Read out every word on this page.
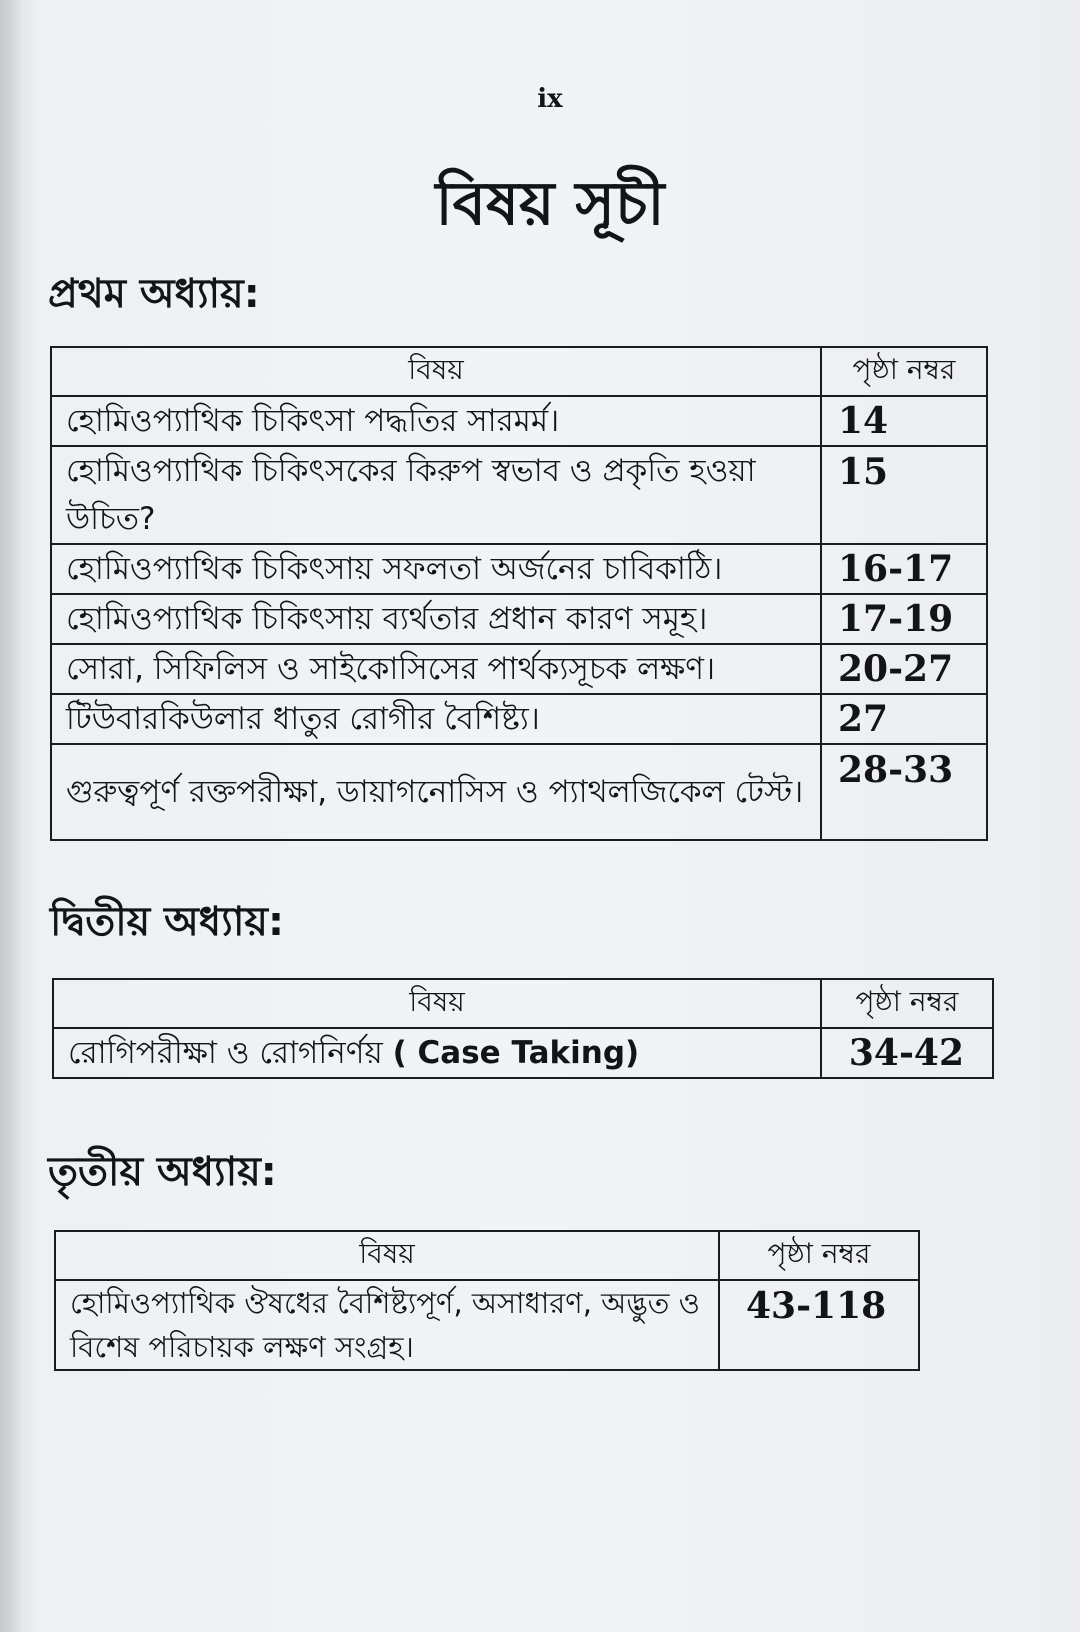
ix
বিষয় সূচী
প্রথম অধ্যায়:
বিষয়	পৃষ্ঠা নম্বর
হোমিওপ্যাথিক চিকিৎসা পদ্ধতির সারমর্ম।	14
হোমিওপ্যাথিক চিকিৎসকের কিরুপ স্বভাব ও প্রকৃতি হওয়া উচিত?	15
হোমিওপ্যাথিক চিকিৎসায় সফলতা অর্জনের চাবিকাঠি।	16-17
হোমিওপ্যাথিক চিকিৎসায় ব্যর্থতার প্রধান কারণ সমূহ।	17-19
সোরা, সিফিলিস ও সাইকোসিসের পার্থক্যসূচক লক্ষণ।	20-27
টিউবারকিউলার ধাতুর রোগীর বৈশিষ্ট্য।	27
গুরুত্বপূর্ণ রক্তপরীক্ষা, ডায়াগনোসিস ও প্যাথলজিকেল টেস্ট।	28-33
দ্বিতীয় অধ্যায়:
বিষয়	পৃষ্ঠা নম্বর
রোগিপরীক্ষা ও রোগনির্ণয় ( Case Taking)	34-42
তৃতীয় অধ্যায়:
বিষয়	পৃষ্ঠা নম্বর
হোমিওপ্যাথিক ঔষধের বৈশিষ্ট্যপূর্ণ, অসাধারণ, অদ্ভুত ও বিশেষ পরিচায়ক লক্ষণ সংগ্রহ।	43-118
